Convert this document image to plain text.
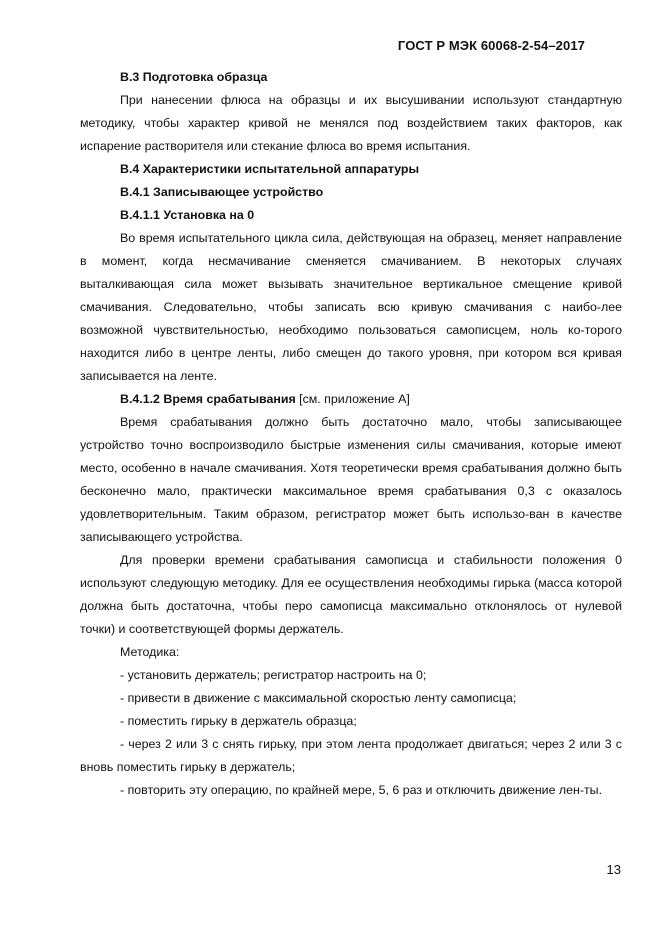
ГОСТ Р МЭК 60068-2-54–2017

В.3 Подготовка образца

При нанесении флюса на образцы и их высушивании используют стандартную методику, чтобы характер кривой не менялся под воздействием таких факторов, как испарение растворителя или стекание флюса во время испытания.

В.4 Характеристики испытательной аппаратуры

В.4.1 Записывающее устройство

В.4.1.1 Установка на 0

Во время испытательного цикла сила, действующая на образец, меняет направление в момент, когда несмачивание сменяется смачиванием. В некоторых случаях выталкивающая сила может вызывать значительное вертикальное смещение кривой смачивания. Следовательно, чтобы записать всю кривую смачивания с наибо-лее возможной чувствительностью, необходимо пользоваться самописцем, ноль ко-торого находится либо в центре ленты, либо смещен до такого уровня, при котором вся кривая записывается на ленте.

В.4.1.2 Время срабатывания [см. приложение А]

Время срабатывания должно быть достаточно мало, чтобы записывающее устройство точно воспроизводило быстрые изменения силы смачивания, которые имеют место, особенно в начале смачивания. Хотя теоретически время срабатывания должно быть бесконечно мало, практически максимальное время срабатывания 0,3 с оказалось удовлетворительным. Таким образом, регистратор может быть использо-ван в качестве записывающего устройства.

Для проверки времени срабатывания самописца и стабильности положения 0 используют следующую методику. Для ее осуществления необходимы гирька (масса которой должна быть достаточна, чтобы перо самописца максимально отклонялось от нулевой точки) и соответствующей формы держатель.

Методика:

- установить держатель; регистратор настроить на 0;

- привести в движение с максимальной скоростью ленту самописца;

- поместить гирьку в держатель образца;

- через 2 или 3 с снять гирьку, при этом лента продолжает двигаться; через 2 или 3 с вновь поместить гирьку в держатель;

- повторить эту операцию, по крайней мере, 5, 6 раз и отключить движение лен-ты.

13
